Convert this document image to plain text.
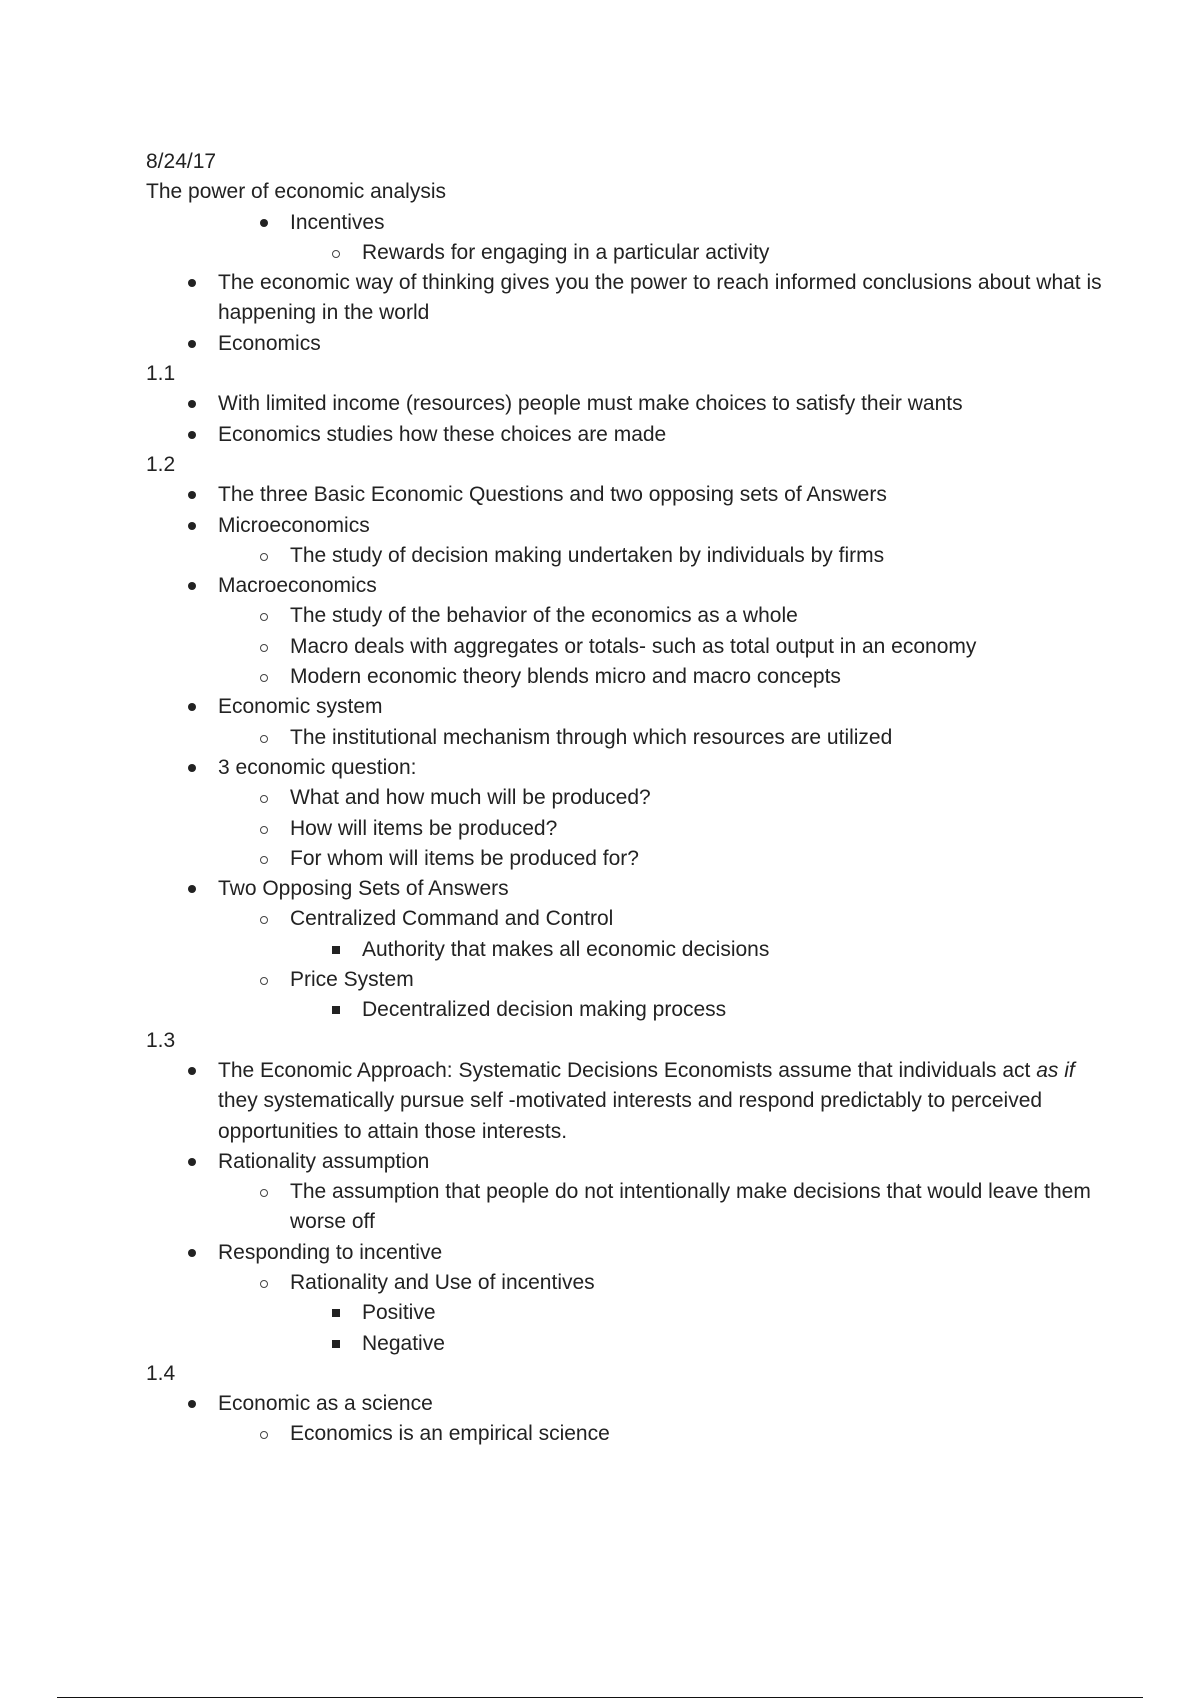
8/24/17
The power of economic analysis
Incentives
Rewards for engaging in a particular activity
The economic way of thinking gives you the power to reach informed conclusions about what is happening in the world
Economics
1.1
With limited income (resources) people must make choices to satisfy their wants
Economics studies how these choices are made
1.2
The three Basic Economic Questions and two opposing sets of Answers
Microeconomics
The study of decision making undertaken by individuals by firms
Macroeconomics
The study of the behavior of the economics as a whole
Macro deals with aggregates or totals- such as total output in an economy
Modern economic theory blends micro and macro concepts
Economic system
The institutional mechanism through which resources are utilized
3 economic question:
What and how much will be produced?
How will items be produced?
For whom will items be produced for?
Two Opposing Sets of Answers
Centralized Command and Control
Authority that makes all economic decisions
Price System
Decentralized decision making process
1.3
The Economic Approach: Systematic Decisions Economists assume that individuals act as if they systematically pursue self -motivated interests and respond predictably to perceived opportunities to attain those interests.
Rationality assumption
The assumption that people do not intentionally make decisions that would leave them worse off
Responding to incentive
Rationality and Use of incentives
Positive
Negative
1.4
Economic as a science
Economics is an empirical science
